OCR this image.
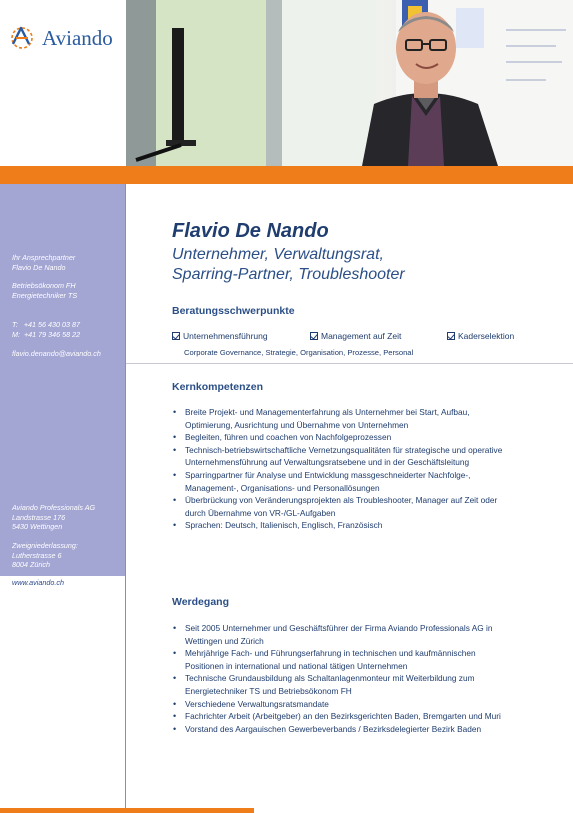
Aviando
Ihr Ansprechpartner
Flavio De Nando
Betriebsökonom FH
Energietechniker TS
T:   +41 56 430 03 87
M:  +41 79 346 58 22
flavio.denando@aviando.ch
Aviando Professionals AG
Landstrasse 176
5430 Wettingen
Zweigniederlassung:
Lutherstrasse 6
8004 Zürich
www.aviando.ch
Flavio De Nando
Unternehmer, Verwaltungsrat,
Sparring-Partner, Troubleshooter
Beratungsschwerpunkte
Unternehmensführung	Management auf Zeit	Kaderselektion
Corporate Governance, Strategie, Organisation, Prozesse, Personal
Kernkompetenzen
• Breite Projekt- und Managementerfahrung als Unternehmer bei Start, Aufbau,
Optimierung, Ausrichtung und Übernahme von Unternehmen
• Begleiten, führen und coachen von Nachfolgeprozessen
• Technisch-betriebswirtschaftliche Vernetzungsqualitäten für strategische und operative
Unternehmensführung auf Verwaltungsratsebene und in der Geschäftsleitung
• Sparringpartner für Analyse und Entwicklung massgeschneiderter Nachfolge-,
Management-, Organisations- und Personallösungen
• Überbrückung von Veränderungsprojekten als Troubleshooter, Manager auf Zeit oder
durch Übernahme von VR-/GL-Aufgaben
• Sprachen: Deutsch, Italienisch, Englisch, Französisch
Werdegang
• Seit 2005 Unternehmer und Geschäftsführer der Firma Aviando Professionals AG in
Wettingen und Zürich
• Mehrjährige Fach- und Führungserfahrung in technischen und kaufmännischen
Positionen in international und national tätigen Unternehmen
• Technische Grundausbildung als Schaltanlagenmonteur mit Weiterbildung zum
Energietechniker TS und Betriebsökonom FH
• Verschiedene Verwaltungsratsmandate
• Fachrichter Arbeit (Arbeitgeber) an den Bezirksgerichten Baden, Bremgarten und Muri
• Vorstand des Aargauischen Gewerbeverbands / Bezirksdelegierter Bezirk Baden
